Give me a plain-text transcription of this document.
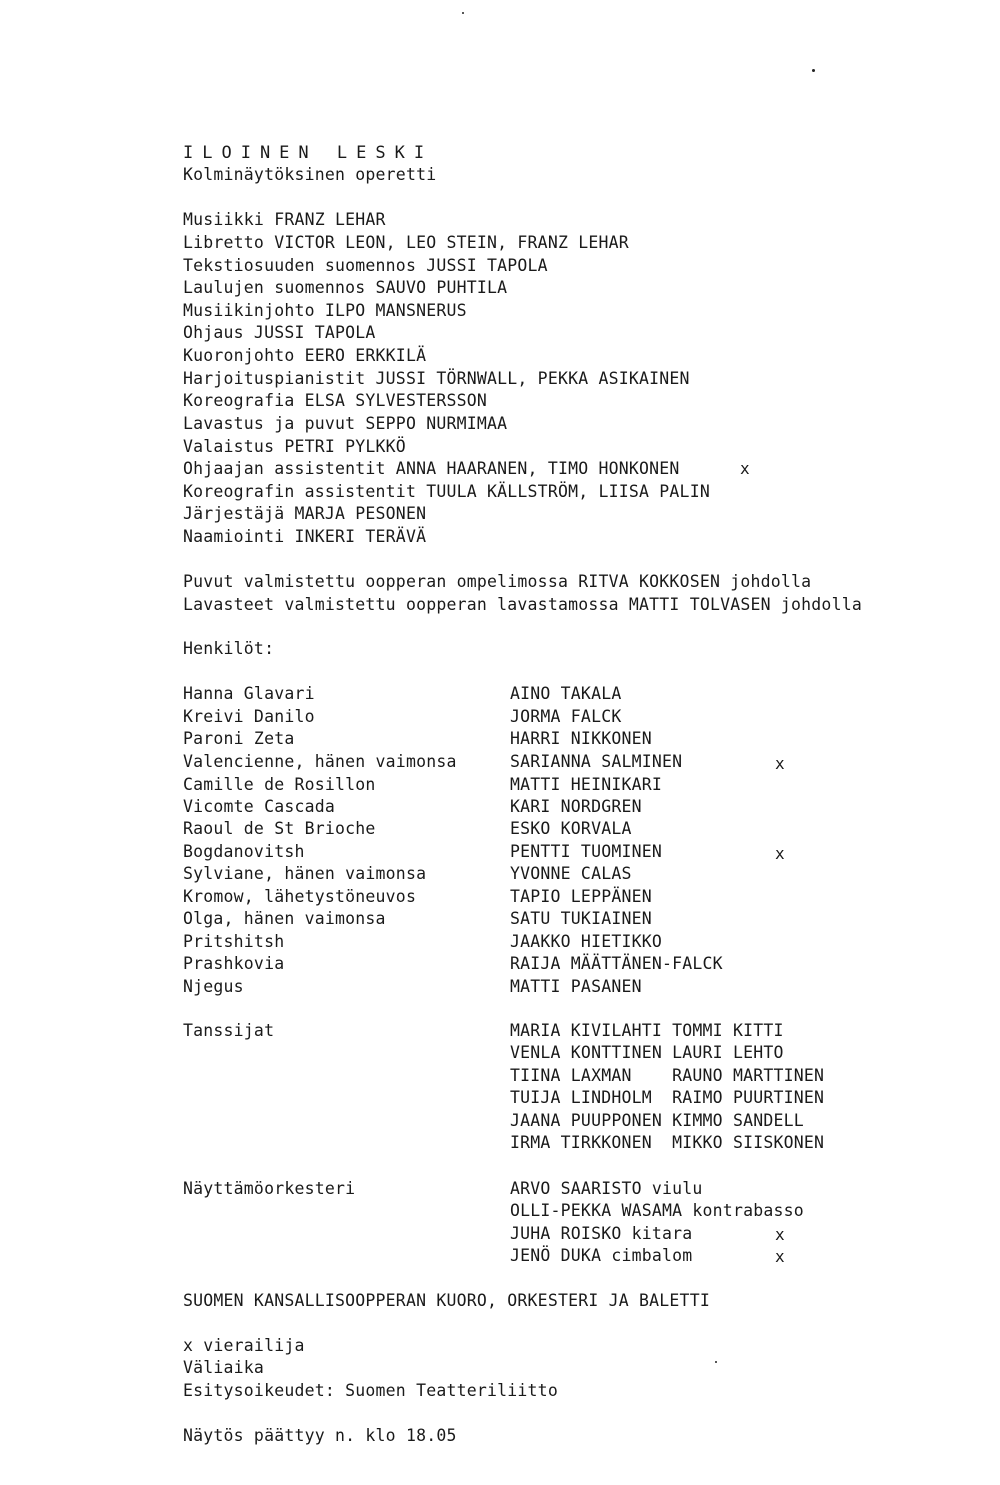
ILOINEN LESKI
Kolminäytöksinen operetti
Musiikki FRANZ LEHAR
Libretto VICTOR LEON, LEO STEIN, FRANZ LEHAR
Tekstiosuuden suomennos JUSSI TAPOLA
Laulujen suomennos SAUVO PUHTILA
Musiikinjohto ILPO MANSNERUS
Ohjaus JUSSI TAPOLA
Kuoronjohto EERO ERKKILÄ
Harjoituspianistit JUSSI TÖRNWALL, PEKKA ASIKAINEN
Koreografia ELSA SYLVESTERSSON
Lavastus ja puvut SEPPO NURMIMAA
Valaistus PETRI PYLKKÖ
Ohjaajan assistentit ANNA HAARANEN, TIMO HONKONEN	x
Koreografin assistentit TUULA KÄLLSTRÖM, LIISA PALIN
Järjestäjä MARJA PESONEN
Naamiointi INKERI TERÄVÄ
Puvut valmistettu oopperan ompelimossa RITVA KOKKOSEN johdolla
Lavasteet valmistettu oopperan lavastamossa MATTI TOLVASEN johdolla
Henkilöt:
Hanna Glavari	AINO TAKALA
Kreivi Danilo	JORMA FALCK
Paroni Zeta	HARRI NIKKONEN
Valencienne, hänen vaimonsa	SARIANNA SALMINEN	x
Camille de Rosillon	MATTI HEINIKARI
Vicomte Cascada	KARI NORDGREN
Raoul de St Brioche	ESKO KORVALA
Bogdanovitsh	PENTTI TUOMINEN	x
Sylviane, hänen vaimonsa	YVONNE CALAS
Kromow, lähetystöneuvos	TAPIO LEPPÄNEN
Olga, hänen vaimonsa	SATU TUKIAINEN
Pritshitsh	JAAKKO HIETIKKO
Prashkovia	RAIJA MÄÄTTÄNEN-FALCK
Njegus	MATTI PASANEN
Tanssijat	MARIA KIVILAHTI TOMMI KITTI
VENLA KONTTINEN LAURI LEHTO
TIINA LAXMAN    RAUNO MARTTINEN
TUIJA LINDHOLM  RAIMO PUURTINEN
JAANA PUUPPONEN KIMMO SANDELL
IRMA TIRKKONEN  MIKKO SIISKONEN
Näyttämöorkesteri	ARVO SAARISTO viulu
OLLI-PEKKA WASAMA kontrabasso
JUHA ROISKO kitara	x
JENÖ DUKA cimbalom	x
SUOMEN KANSALLISOOPPERAN KUORO, ORKESTERI JA BALETTI
x vierailija
Väliaika
Esitysoikeudet: Suomen Teatteriliitto
Näytös päättyy n. klo 18.05
